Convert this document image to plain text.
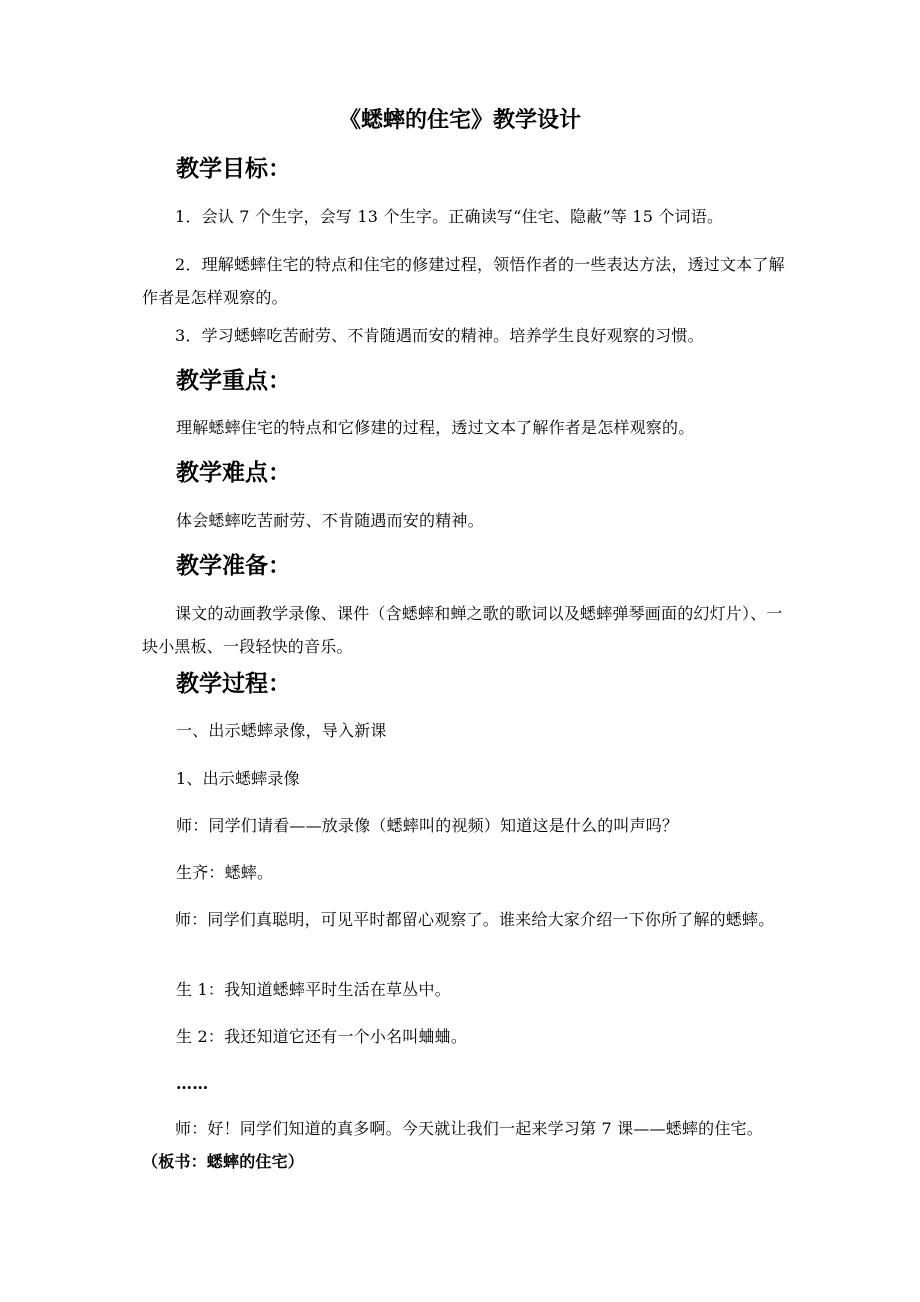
《蟋蟀的住宅》教学设计
教学目标：
1．会认 7 个生字，会写 13 个生字。正确读写“住宅、隐蔽”等 15 个词语。
2．理解蟋蟀住宅的特点和住宅的修建过程，领悟作者的一些表达方法，透过文本了解作者是怎样观察的。
3．学习蟋蟀吃苦耐劳、不肯随遇而安的精神。培养学生良好观察的习惯。
教学重点：
理解蟋蟀住宅的特点和它修建的过程，透过文本了解作者是怎样观察的。
教学难点：
体会蟋蟀吃苦耐劳、不肯随遇而安的精神。
教学准备：
课文的动画教学录像、课件（含蟋蟀和蝉之歌的歌词以及蟋蟀弹琴画面的幻灯片）、一块小黑板、一段轻快的音乐。
教学过程：
一、出示蟋蟀录像，导入新课
1、出示蟋蟀录像
师：同学们请看——放录像（蟋蟀叫的视频）知道这是什么的叫声吗？
生齐：蟋蟀。
师：同学们真聪明，可见平时都留心观察了。谁来给大家介绍一下你所了解的蟋蟀。
生 1：我知道蟋蟀平时生活在草丛中。
生 2：我还知道它还有一个小名叫蛐蛐。
……
师：好！同学们知道的真多啊。今天就让我们一起来学习第 7 课——蟋蟀的住宅。（板书：蟋蟀的住宅）
